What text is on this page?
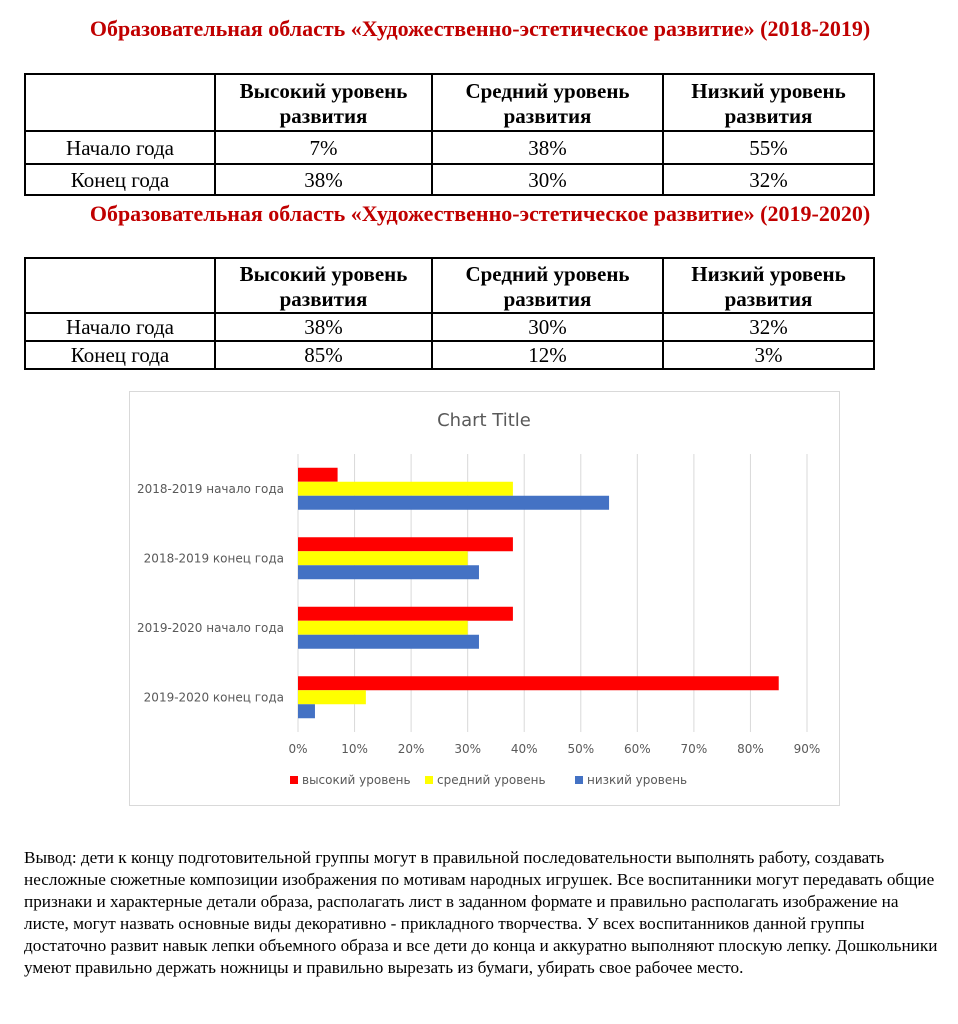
Образовательная область «Художественно-эстетическое развитие» (2018-2019)
	Высокий уровень развития	Средний уровень развития	Низкий уровень развития
Начало года	7%	38%	55%
Конец года	38%	30%	32%
Образовательная область «Художественно-эстетическое развитие» (2019-2020)
	Высокий уровень развития	Средний уровень развития	Низкий уровень развития
Начало года	38%	30%	32%
Конец года	85%	12%	3%
Chart Title
0%	10% 20% 30% 40% 50% 60% 70% 80% 90%
2018-2019 начало года
2018-2019 конец года
2019-2020 начало года
2019-2020 конец года
высокий уровень средний уровень	низкий уровень

Вывод: дети к концу подготовительной группы могут в правильной последовательности выполнять работу, создавать несложные сюжетные композиции изображения по мотивам народных игрушек. Все воспитанники могут передавать общие признаки и характерные детали образа, располагать лист в заданном формате и правильно располагать изображение на листе, могут назвать основные виды декоративно - прикладного творчества. У всех воспитанников данной группы достаточно развит навык лепки объемного образа и все дети до конца и аккуратно выполняют плоскую лепку. Дошкольники умеют правильно держать ножницы и правильно вырезать из бумаги, убирать свое рабочее место.
